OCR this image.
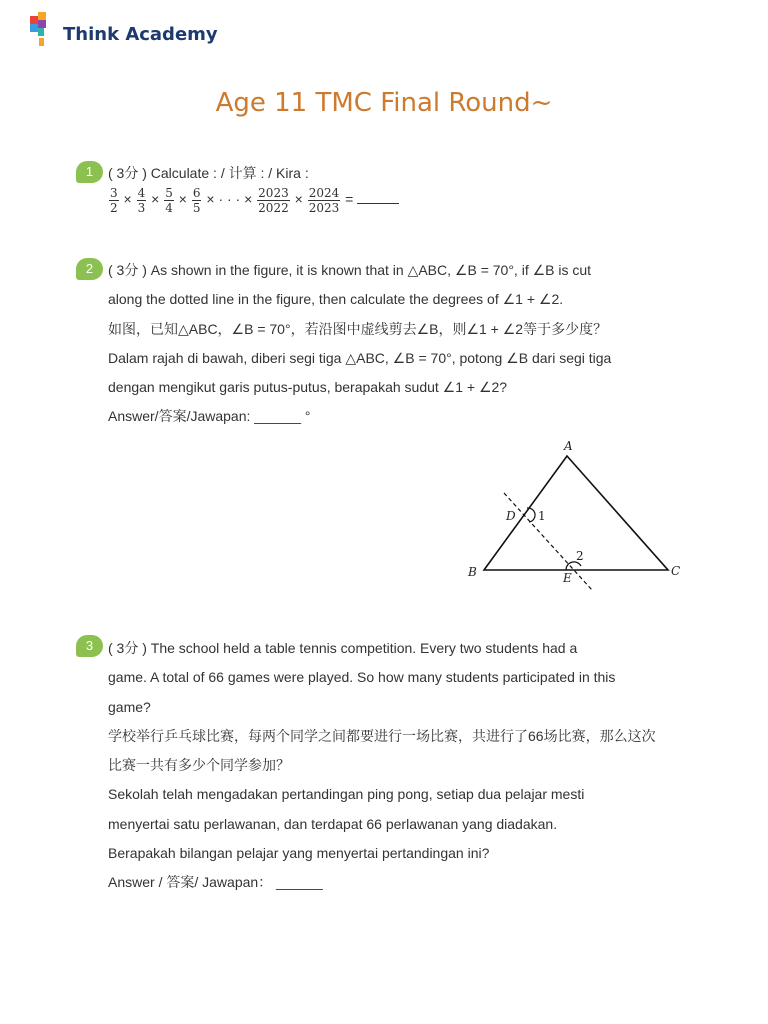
Think Academy
Age 11 TMC Final Round~
1	( 3分 ) Calculate : / 计算 : / Kira :
$\frac{3}{2} \times \frac{4}{3} \times \frac{5}{4} \times \frac{6}{5}$ × · · · × $\frac{2023}{2022} \times \frac{2024}{2023}$ =
2	( 3分 ) As shown in the figure, it is known that in △ABC, ∠B = 70°, if ∠B is cut
along the dotted line in the figure, then calculate the degrees of ∠1 + ∠2.
如图，已知△ABC，∠B = 70°，若沿图中虚线剪去∠B，则∠1 + ∠2等于多少度？
Dalam rajah di bawah, diberi segi tiga △ABC, ∠B = 70°, potong ∠B dari segi tiga
dengan mengikut garis putus-putus, berapakah sudut ∠1 + ∠2?
Answer/答案/Jawapan: ______ °
A
B	C
D
E
1
2
3	( 3分 ) The school held a table tennis competition. Every two students had a
game. A total of 66 games were played. So how many students participated in this
game?
学校举行乒乓球比赛，每两个同学之间都要进行一场比赛，共进行了66场比赛，那么这次
比赛一共有多少个同学参加？
Sekolah telah mengadakan pertandingan ping pong, setiap dua pelajar mesti
menyertai satu perlawanan, dan terdapat 66 perlawanan yang diadakan.
Berapakah bilangan pelajar yang menyertai pertandingan ini?
Answer / 答案/ Jawapan： ______
